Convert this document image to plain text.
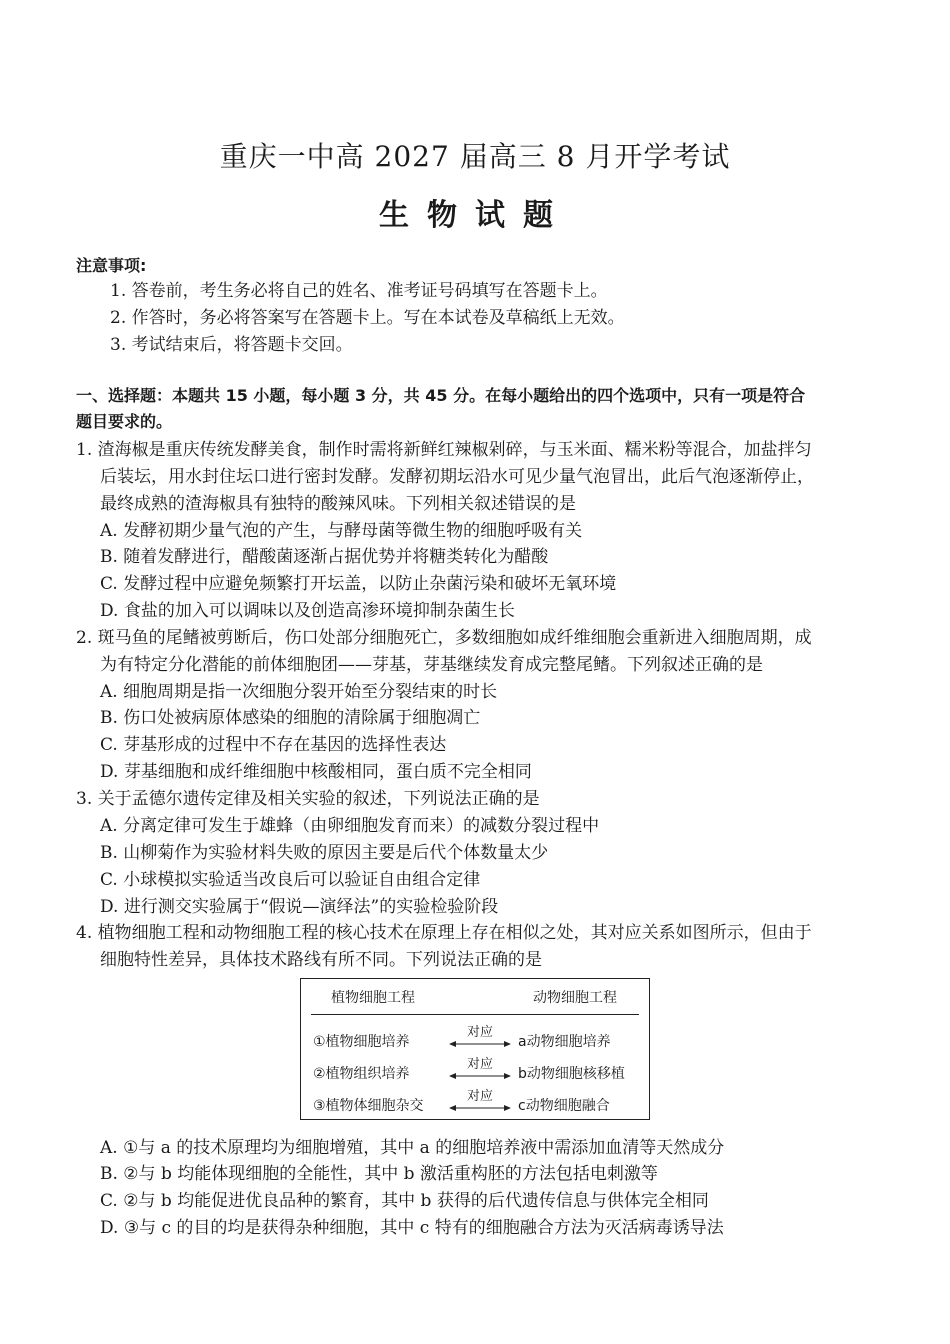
重庆一中高 2027 届高三 8 月开学考试
生物试题
注意事项:
1. 答卷前，考生务必将自己的姓名、准考证号码填写在答题卡上。
2. 作答时，务必将答案写在答题卡上。写在本试卷及草稿纸上无效。
3. 考试结束后，将答题卡交回。
一、选择题：本题共 15 小题，每小题 3 分，共 45 分。在每小题给出的四个选项中，只有一项是符合
题目要求的。
1. 渣海椒是重庆传统发酵美食，制作时需将新鲜红辣椒剁碎，与玉米面、糯米粉等混合，加盐拌匀
后装坛，用水封住坛口进行密封发酵。发酵初期坛沿水可见少量气泡冒出，此后气泡逐渐停止，
最终成熟的渣海椒具有独特的酸辣风味。下列相关叙述错误的是
A. 发酵初期少量气泡的产生，与酵母菌等微生物的细胞呼吸有关
B. 随着发酵进行，醋酸菌逐渐占据优势并将糖类转化为醋酸
C. 发酵过程中应避免频繁打开坛盖，以防止杂菌污染和破坏无氧环境
D. 食盐的加入可以调味以及创造高渗环境抑制杂菌生长
2. 斑马鱼的尾鳍被剪断后，伤口处部分细胞死亡，多数细胞如成纤维细胞会重新进入细胞周期，成
为有特定分化潜能的前体细胞团——芽基，芽基继续发育成完整尾鳍。下列叙述正确的是
A. 细胞周期是指一次细胞分裂开始至分裂结束的时长
B. 伤口处被病原体感染的细胞的清除属于细胞凋亡
C. 芽基形成的过程中不存在基因的选择性表达
D. 芽基细胞和成纤维细胞中核酸相同，蛋白质不完全相同
3. 关于孟德尔遗传定律及相关实验的叙述，下列说法正确的是
A. 分离定律可发生于雄蜂（由卵细胞发育而来）的减数分裂过程中
B. 山柳菊作为实验材料失败的原因主要是后代个体数量太少
C. 小球模拟实验适当改良后可以验证自由组合定律
D. 进行测交实验属于“假说—演绎法”的实验检验阶段
4. 植物细胞工程和动物细胞工程的核心技术在原理上存在相似之处，其对应关系如图所示，但由于
细胞特性差异，具体技术路线有所不同。下列说法正确的是
植物细胞工程	动物细胞工程
①植物细胞培养
对应
a动物细胞培养
②植物组织培养
对应
b动物细胞核移植
③植物体细胞杂交
对应
c动物细胞融合
A. ①与 a 的技术原理均为细胞增殖，其中 a 的细胞培养液中需添加血清等天然成分
B. ②与 b 均能体现细胞的全能性，其中 b 激活重构胚的方法包括电刺激等
C. ②与 b 均能促进优良品种的繁育，其中 b 获得的后代遗传信息与供体完全相同
D. ③与 c 的目的均是获得杂种细胞，其中 c 特有的细胞融合方法为灭活病毒诱导法
